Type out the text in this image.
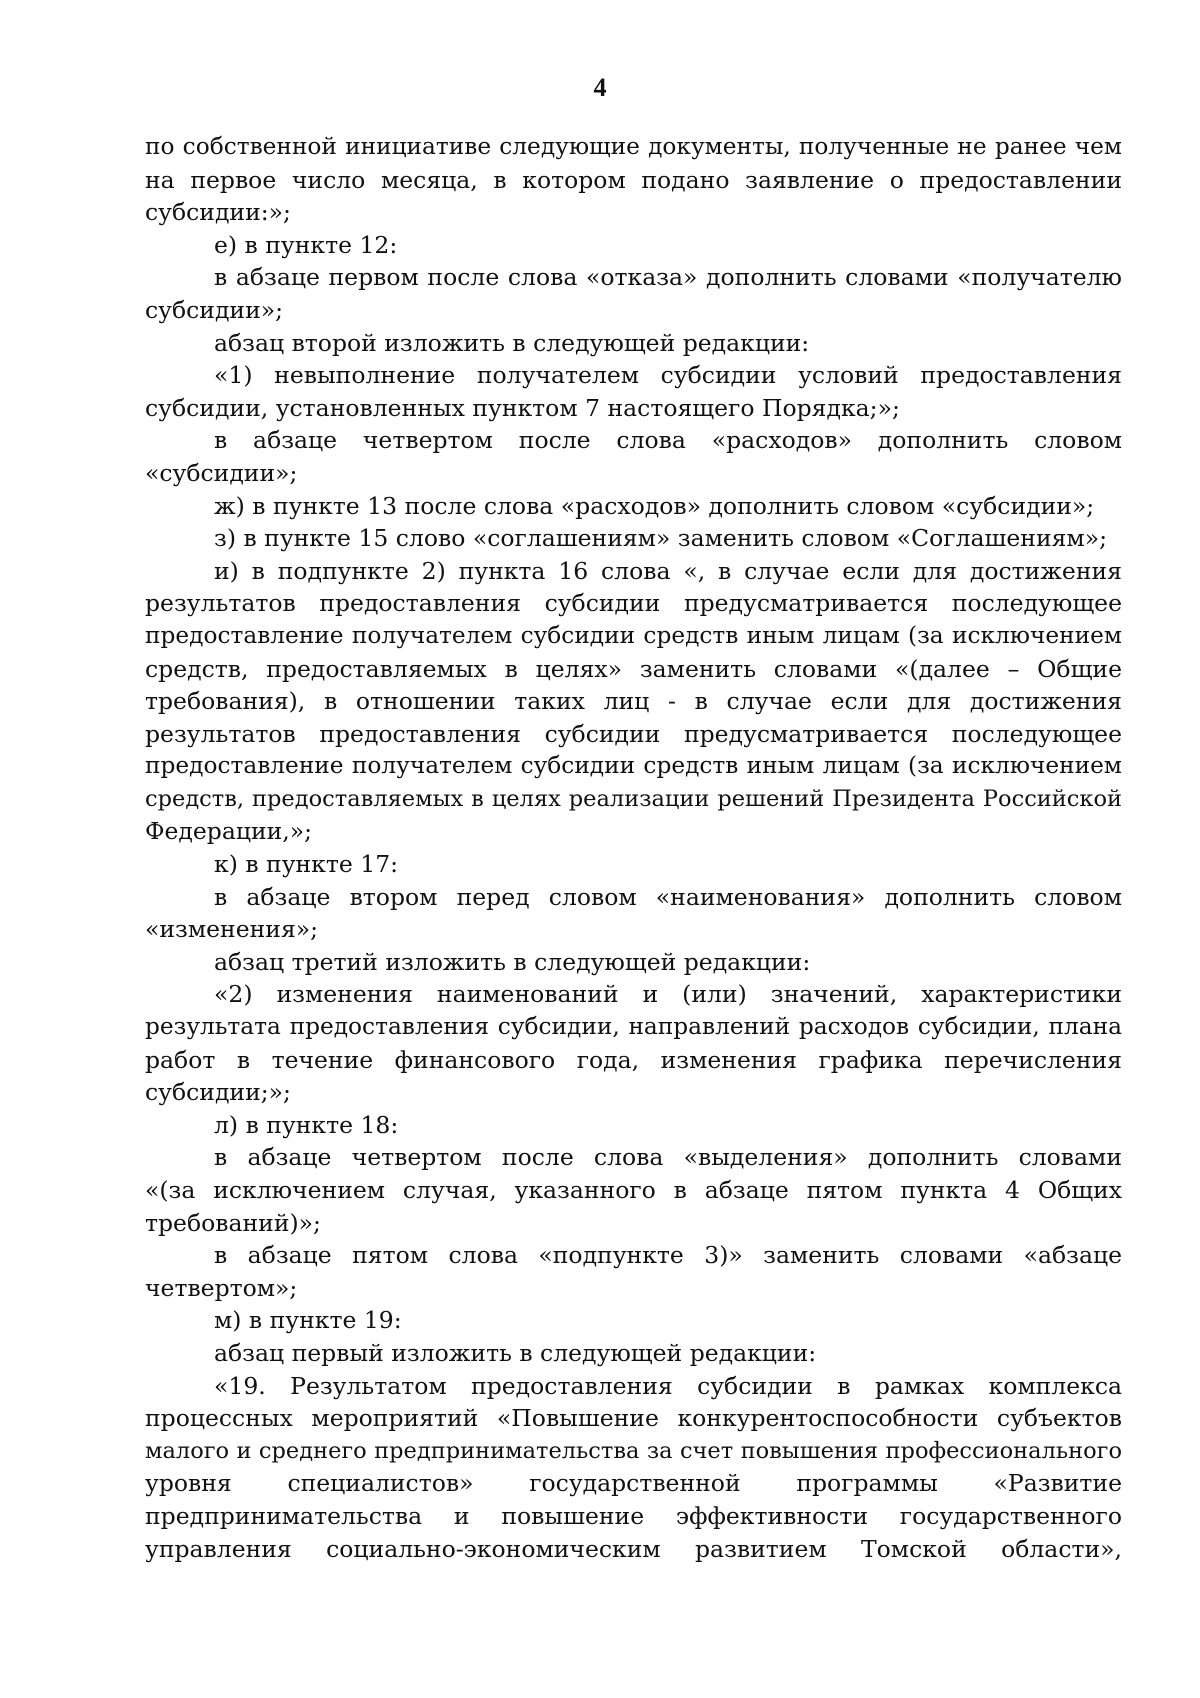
4
по собственной инициативе следующие документы, полученные не ранее чем
на первое число месяца, в котором подано заявление о предоставлении
субсидии:»;
е) в пункте 12:
в абзаце первом после слова «отказа» дополнить словами «получателю
субсидии»;
абзац второй изложить в следующей редакции:
«1) невыполнение получателем субсидии условий предоставления
субсидии, установленных пунктом 7 настоящего Порядка;»;
в абзаце четвертом после слова «расходов» дополнить словом
«субсидии»;
ж) в пункте 13 после слова «расходов» дополнить словом «субсидии»;
з) в пункте 15 слово «соглашениям» заменить словом «Соглашениям»;
и) в подпункте 2) пункта 16 слова «, в случае если для достижения
результатов предоставления субсидии предусматривается последующее
предоставление получателем субсидии средств иным лицам (за исключением
средств, предоставляемых в целях» заменить словами «(далее – Общие
требования), в отношении таких лиц - в случае если для достижения
результатов предоставления субсидии предусматривается последующее
предоставление получателем субсидии средств иным лицам (за исключением
средств, предоставляемых в целях реализации решений Президента Российской
Федерации,»;
к) в пункте 17:
в абзаце втором перед словом «наименования» дополнить словом
«изменения»;
абзац третий изложить в следующей редакции:
«2) изменения наименований и (или) значений, характеристики
результата предоставления субсидии, направлений расходов субсидии, плана
работ в течение финансового года, изменения графика перечисления
субсидии;»;
л) в пункте 18:
в абзаце четвертом после слова «выделения» дополнить словами
«(за исключением случая, указанного в абзаце пятом пункта 4 Общих
требований)»;
в абзаце пятом слова «подпункте 3)» заменить словами «абзаце
четвертом»;
м) в пункте 19:
абзац первый изложить в следующей редакции:
«19. Результатом предоставления субсидии в рамках комплекса
процессных мероприятий «Повышение конкурентоспособности субъектов
малого и среднего предпринимательства за счет повышения профессионального
уровня специалистов» государственной программы «Развитие
предпринимательства и повышение эффективности государственного
управления социально-экономическим развитием Томской области»,
